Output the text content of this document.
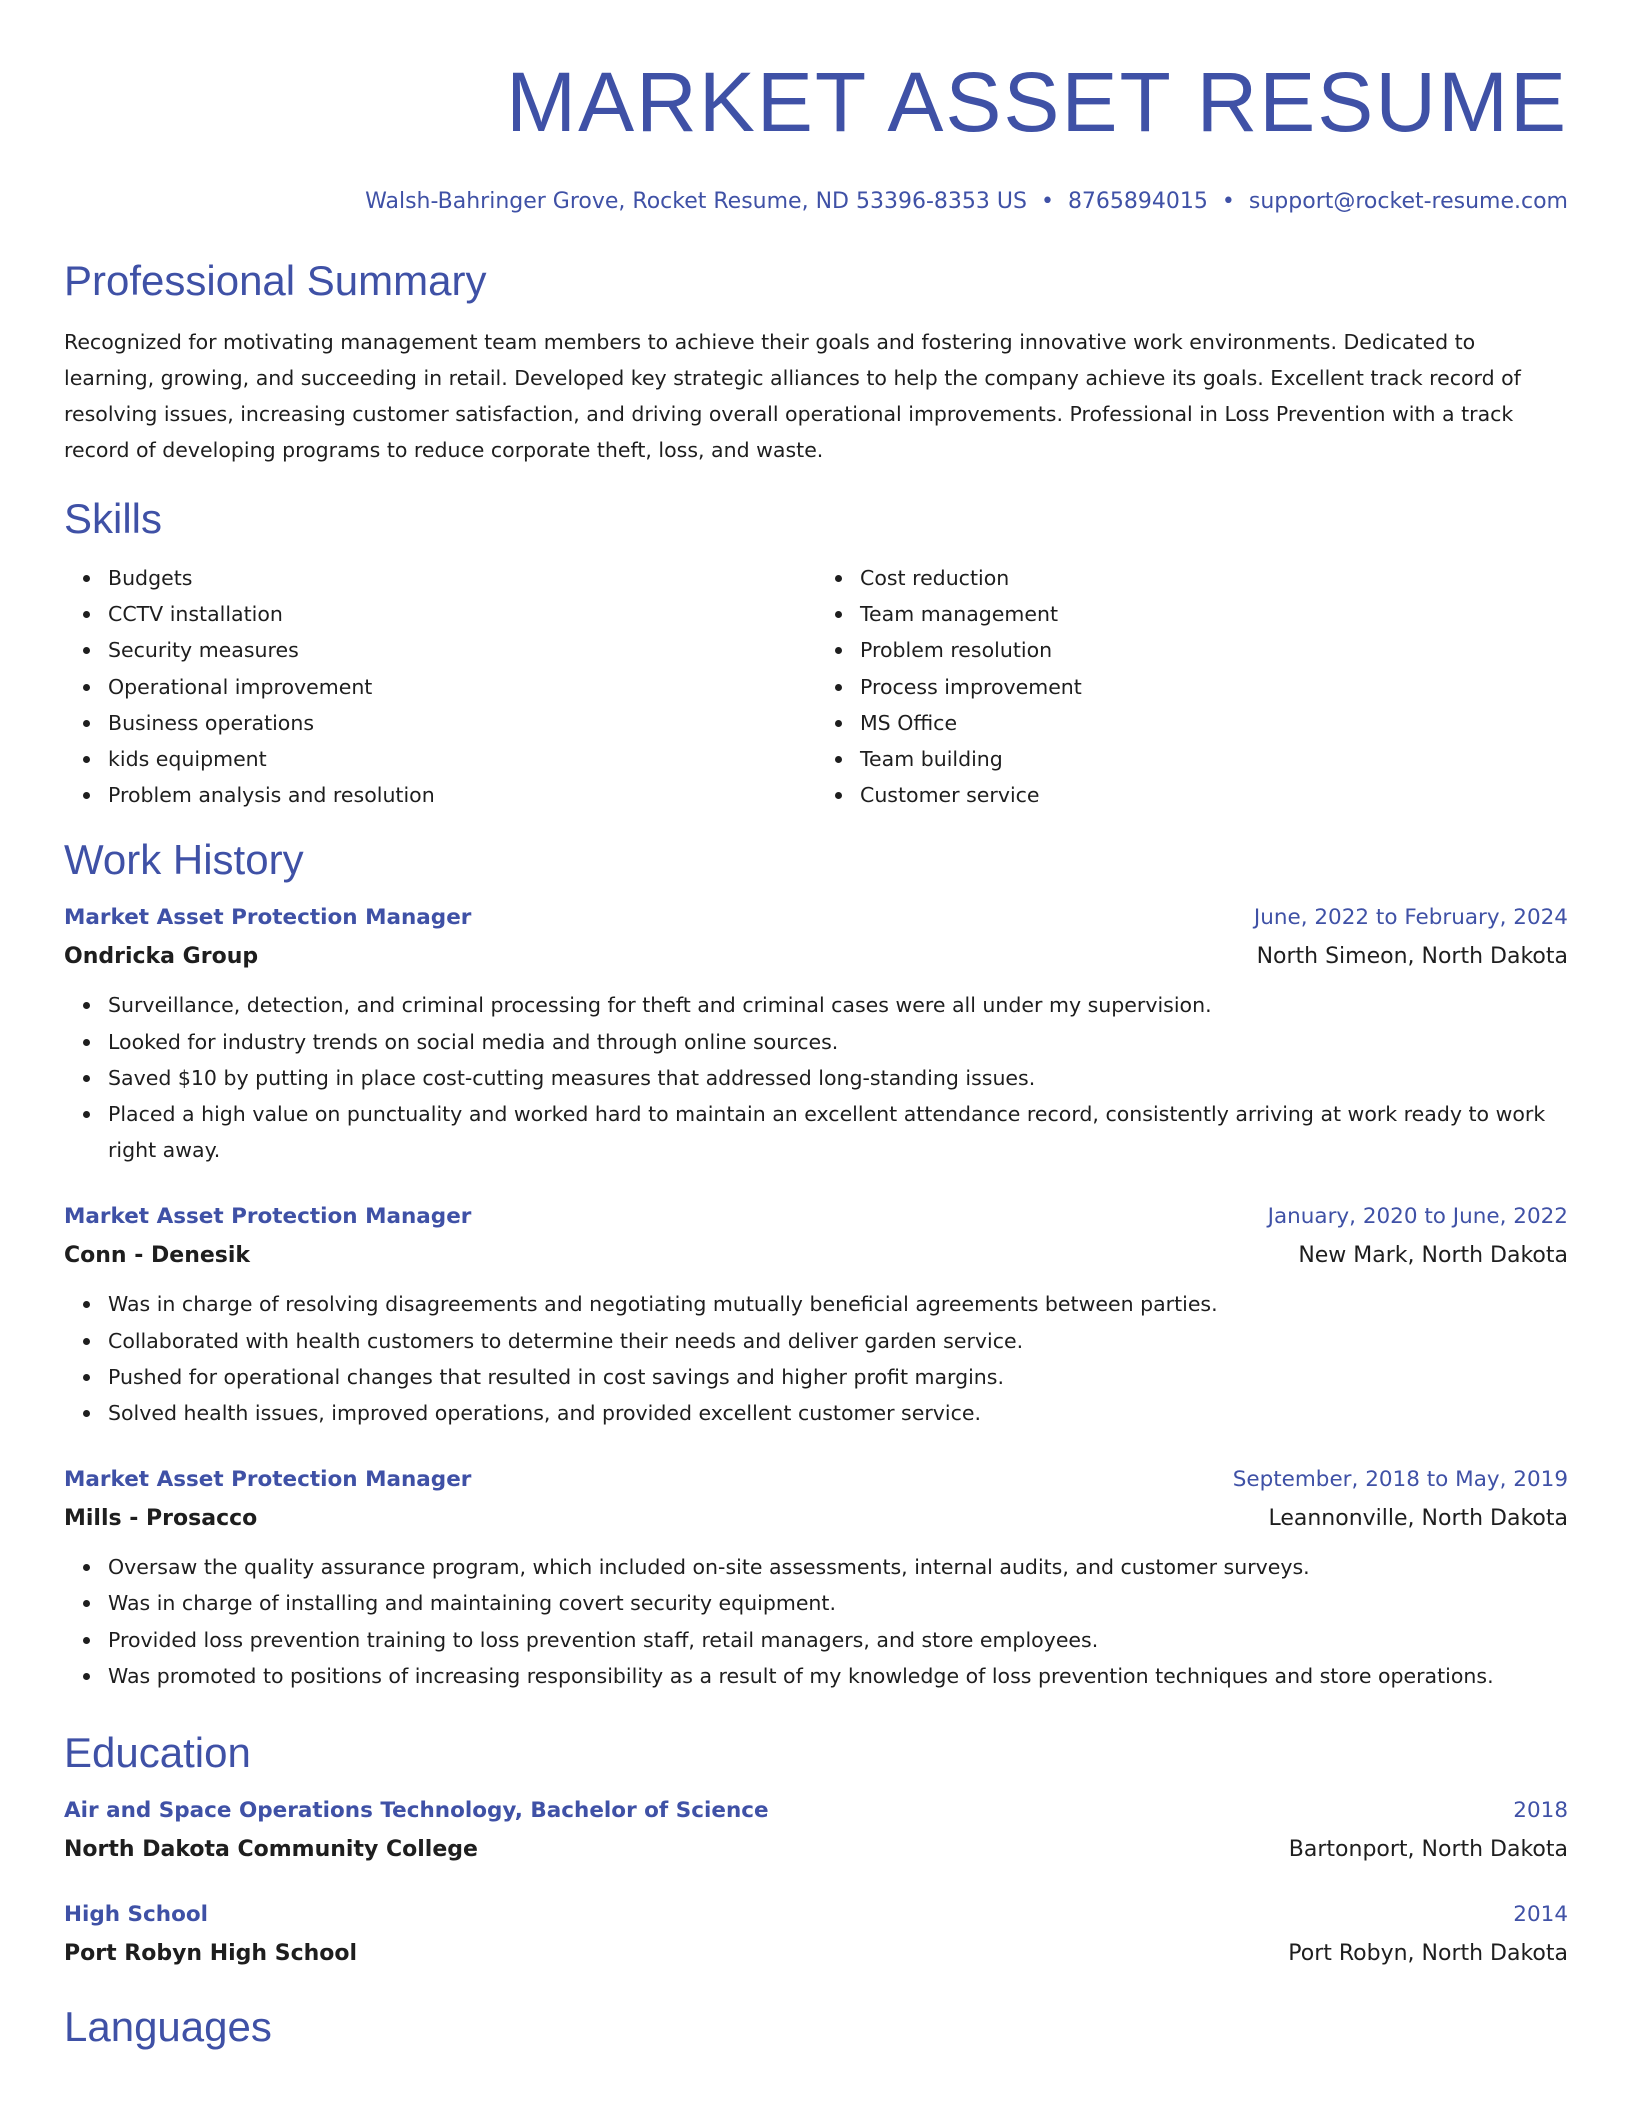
MARKET ASSET RESUME
Walsh-Bahringer Grove, Rocket Resume, ND 53396-8353 US • 8765894015 • support@rocket-resume.com
Professional Summary
Recognized for motivating management team members to achieve their goals and fostering innovative work environments. Dedicated to learning, growing, and succeeding in retail. Developed key strategic alliances to help the company achieve its goals. Excellent track record of resolving issues, increasing customer satisfaction, and driving overall operational improvements. Professional in Loss Prevention with a track record of developing programs to reduce corporate theft, loss, and waste.
Skills
Budgets
CCTV installation
Security measures
Operational improvement
Business operations
kids equipment
Problem analysis and resolution
Cost reduction
Team management
Problem resolution
Process improvement
MS Office
Team building
Customer service
Work History
Market Asset Protection Manager	June, 2022 to February, 2024
Ondricka Group	North Simeon, North Dakota
Surveillance, detection, and criminal processing for theft and criminal cases were all under my supervision.
Looked for industry trends on social media and through online sources.
Saved $10 by putting in place cost-cutting measures that addressed long-standing issues.
Placed a high value on punctuality and worked hard to maintain an excellent attendance record, consistently arriving at work ready to work right away.
Market Asset Protection Manager	January, 2020 to June, 2022
Conn - Denesik	New Mark, North Dakota
Was in charge of resolving disagreements and negotiating mutually beneficial agreements between parties.
Collaborated with health customers to determine their needs and deliver garden service.
Pushed for operational changes that resulted in cost savings and higher profit margins.
Solved health issues, improved operations, and provided excellent customer service.
Market Asset Protection Manager	September, 2018 to May, 2019
Mills - Prosacco	Leannonville, North Dakota
Oversaw the quality assurance program, which included on-site assessments, internal audits, and customer surveys.
Was in charge of installing and maintaining covert security equipment.
Provided loss prevention training to loss prevention staff, retail managers, and store employees.
Was promoted to positions of increasing responsibility as a result of my knowledge of loss prevention techniques and store operations.
Education
Air and Space Operations Technology, Bachelor of Science	2018
North Dakota Community College	Bartonport, North Dakota
High School	2014
Port Robyn High School	Port Robyn, North Dakota
Languages
